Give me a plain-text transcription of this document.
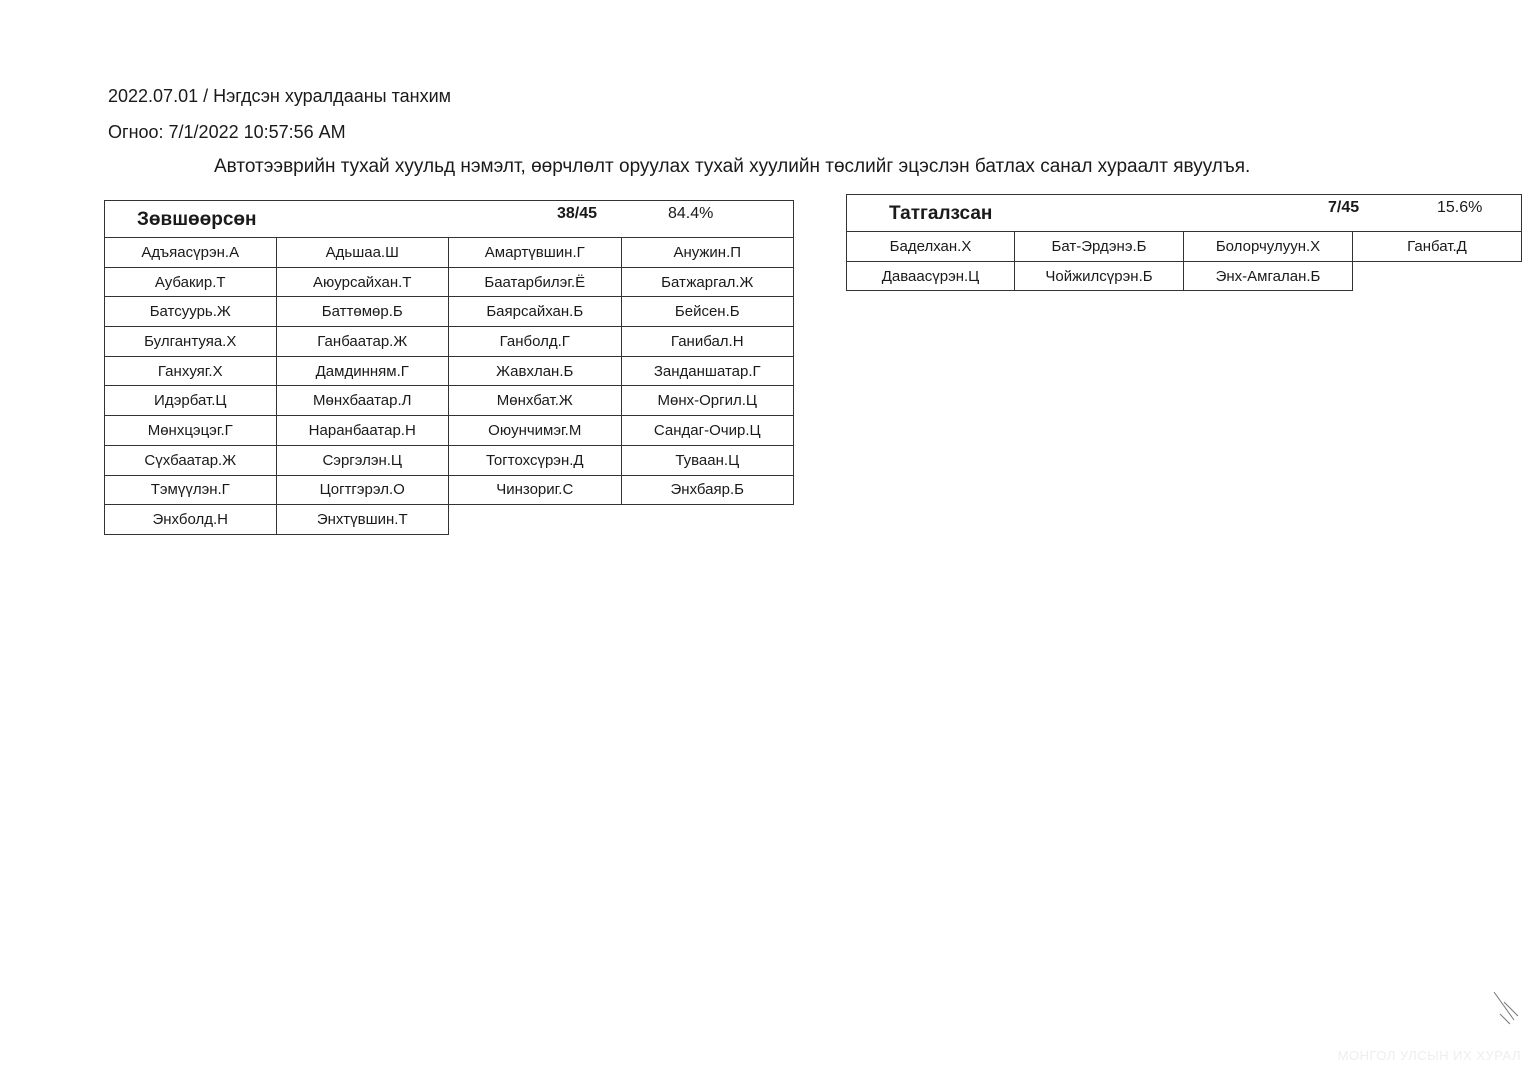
2022.07.01 / Нэгдсэн хуралдааны танхим
Огноо: 7/1/2022 10:57:56 AM
Автотээврийн тухай хуульд нэмэлт, өөрчлөлт оруулах тухай хуулийн төслийг эцэслэн батлах санал хураалт явуулъя.
Зөвшөөрсөн	38/45	84.4%
Адъяасүрэн.А	Адьшаа.Ш	Амартүвшин.Г	Анужин.П
Аубакир.Т	Аюурсайхан.Т	Баатарбилэг.Ё	Батжаргал.Ж
Батсуурь.Ж	Баттөмөр.Б	Баярсайхан.Б	Бейсен.Б
Булгантуяа.Х	Ганбаатар.Ж	Ганболд.Г	Ганибал.Н
Ганхуяг.Х	Дамдинням.Г	Жавхлан.Б	Занданшатар.Г
Идэрбат.Ц	Мөнхбаатар.Л	Мөнхбат.Ж	Мөнх-Оргил.Ц
Мөнхцэцэг.Г	Наранбаатар.Н	Оюунчимэг.М	Сандаг-Очир.Ц
Сүхбаатар.Ж	Сэргэлэн.Ц	Тогтохсүрэн.Д	Туваан.Ц
Тэмүүлэн.Г	Цогтгэрэл.О	Чинзориг.С	Энхбаяр.Б
Энхболд.Н	Энхтүвшин.Т
Татгалзсан	7/45	15.6%
Баделхан.Х	Бат-Эрдэнэ.Б	Болорчулуун.Х	Ганбат.Д
Даваасүрэн.Ц	Чойжилсүрэн.Б	Энх-Амгалан.Б
МОНГОЛ УЛСЫН ИХ ХУРАЛ
